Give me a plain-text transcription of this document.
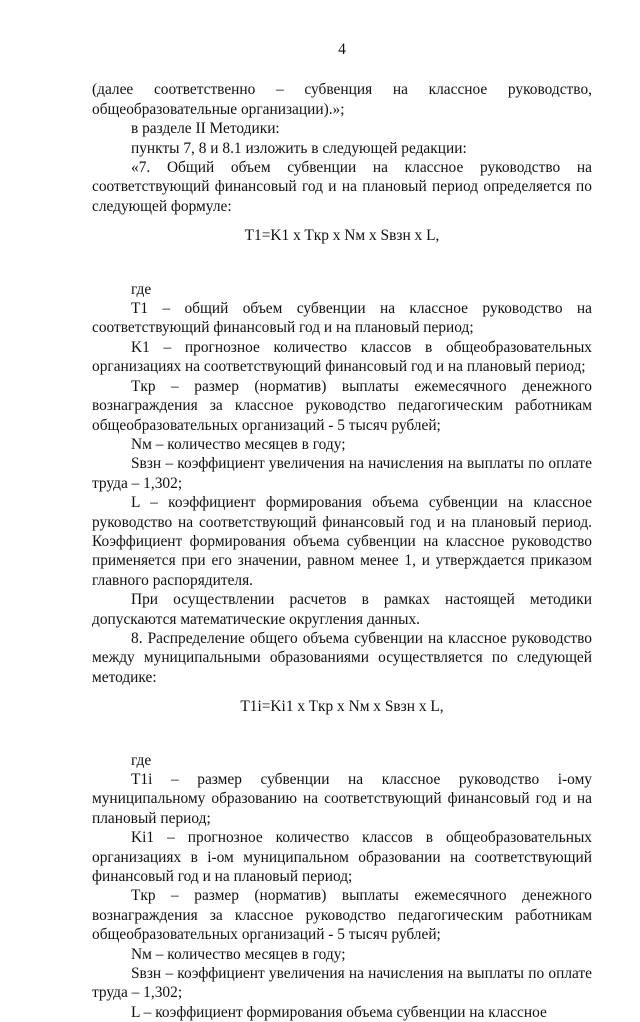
4

(далее соответственно – субвенция на классное руководство, общеобразовательные организации).»;

в разделе II Методики:

пункты 7, 8 и 8.1 изложить в следующей редакции:

«7. Общий объем субвенции на классное руководство на соответствующий финансовый год и на плановый период определяется по следующей формуле:

T1=K1 x Tкр x Nм x Sвзн x L,

где

T1 – общий объем субвенции на классное руководство на соответствующий финансовый год и на плановый период;

K1 – прогнозное количество классов в общеобразовательных организациях на соответствующий финансовый год и на плановый период;

Tкр – размер (норматив) выплаты ежемесячного денежного вознаграждения за классное руководство педагогическим работникам общеобразовательных организаций - 5 тысяч рублей;

Nм – количество месяцев в году;

Sвзн – коэффициент увеличения на начисления на выплаты по оплате труда – 1,302;

L – коэффициент формирования объема субвенции на классное руководство на соответствующий финансовый год и на плановый период. Коэффициент формирования объема субвенции на классное руководство применяется при его значении, равном менее 1, и утверждается приказом главного распорядителя.

При осуществлении расчетов в рамках настоящей методики допускаются математические округления данных.

8. Распределение общего объема субвенции на классное руководство между муниципальными образованиями осуществляется по следующей методике:

T1i=Ki1 x Tкр x Nм x Sвзн x L,

где

T1i – размер субвенции на классное руководство i-ому муниципальному образованию на соответствующий финансовый год и на плановый период;

Ki1 – прогнозное количество классов в общеобразовательных организациях в i-ом муниципальном образовании на соответствующий финансовый год и на плановый период;

Tкр – размер (норматив) выплаты ежемесячного денежного вознаграждения за классное руководство педагогическим работникам общеобразовательных организаций - 5 тысяч рублей;

Nм – количество месяцев в году;

Sвзн – коэффициент увеличения на начисления на выплаты по оплате труда – 1,302;

L – коэффициент формирования объема субвенции на классное
